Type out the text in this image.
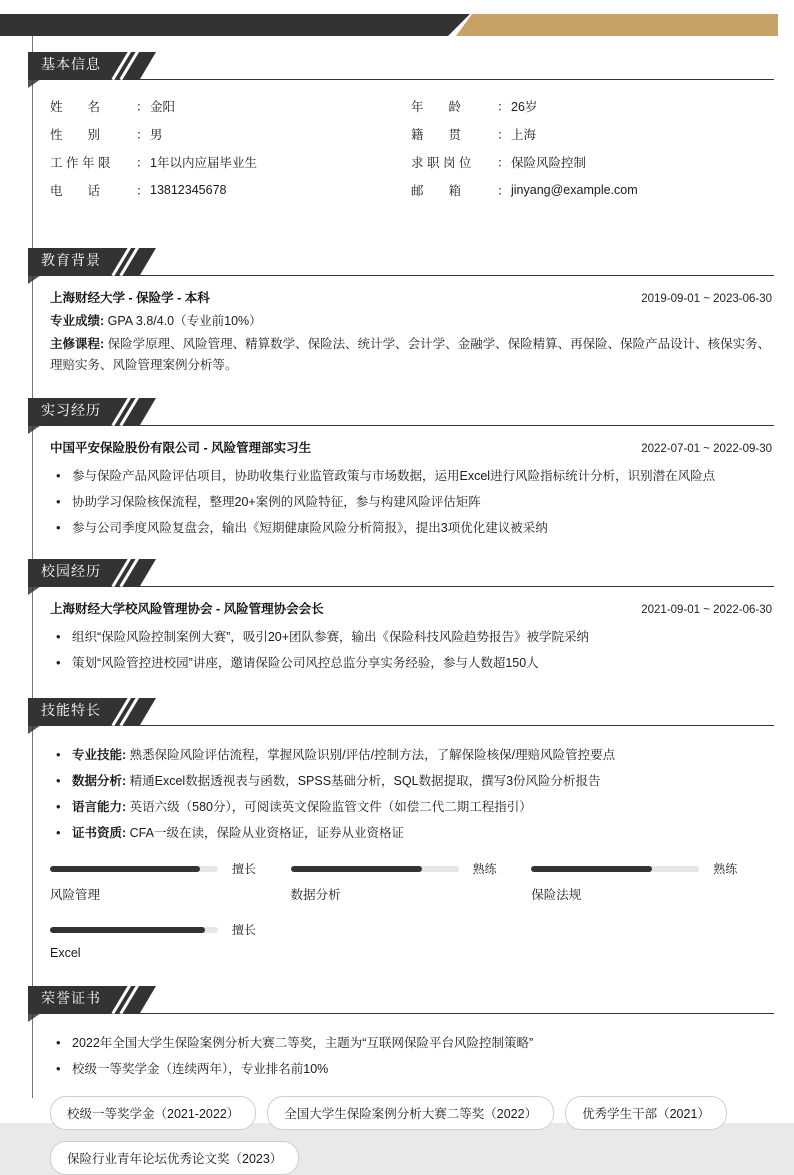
基本信息
姓　　名	： 金阳
性　　别	： 男
工 作 年 限	： 1年以内应届毕业生
电　　话	： 13812345678
年　　龄	： 26岁
籍　　贯	： 上海
求 职 岗 位	： 保险风险控制
邮　　箱	： jinyang@example.com
教育背景
上海财经大学 - 保险学 - 本科	2019-09-01 ~ 2023-06-30
专业成绩: GPA 3.8/4.0（专业前10%）
主修课程: 保险学原理、风险管理、精算数学、保险法、统计学、会计学、金融学、保险精算、再保险、保险产品设计、核保实务、理赔实务、风险管理案例分析等。
实习经历
中国平安保险股份有限公司 - 风险管理部实习生	2022-07-01 ~ 2022-09-30
• 参与保险产品风险评估项目，协助收集行业监管政策与市场数据，运用Excel进行风险指标统计分析，识别潜在风险点
• 协助学习保险核保流程，整理20+案例的风险特征，参与构建风险评估矩阵
• 参与公司季度风险复盘会，输出《短期健康险风险分析简报》，提出3项优化建议被采纳
校园经历
上海财经大学校风险管理协会 - 风险管理协会会长	2021-09-01 ~ 2022-06-30
• 组织“保险风险控制案例大赛”，吸引20+团队参赛，输出《保险科技风险趋势报告》被学院采纳
• 策划“风险管控进校园”讲座，邀请保险公司风控总监分享实务经验，参与人数超150人
技能特长
• 专业技能: 熟悉保险风险评估流程，掌握风险识别/评估/控制方法，了解保险核保/理赔风险管控要点
• 数据分析: 精通Excel数据透视表与函数，SPSS基础分析，SQL数据提取，撰写3份风险分析报告
• 语言能力: 英语六级（580分），可阅读英文保险监管文件（如偿二代二期工程指引）
• 证书资质: CFA一级在读，保险从业资格证，证券从业资格证
擅长
风险管理
熟练
数据分析
熟练
保险法规
擅长
Excel
荣誉证书
• 2022年全国大学生保险案例分析大赛二等奖，主题为“互联网保险平台风险控制策略”
• 校级一等奖学金（连续两年），专业排名前10%
校级一等奖学金（2021-2022）	全国大学生保险案例分析大赛二等奖（2022）	优秀学生干部（2021）
保险行业青年论坛优秀论文奖（2023）
